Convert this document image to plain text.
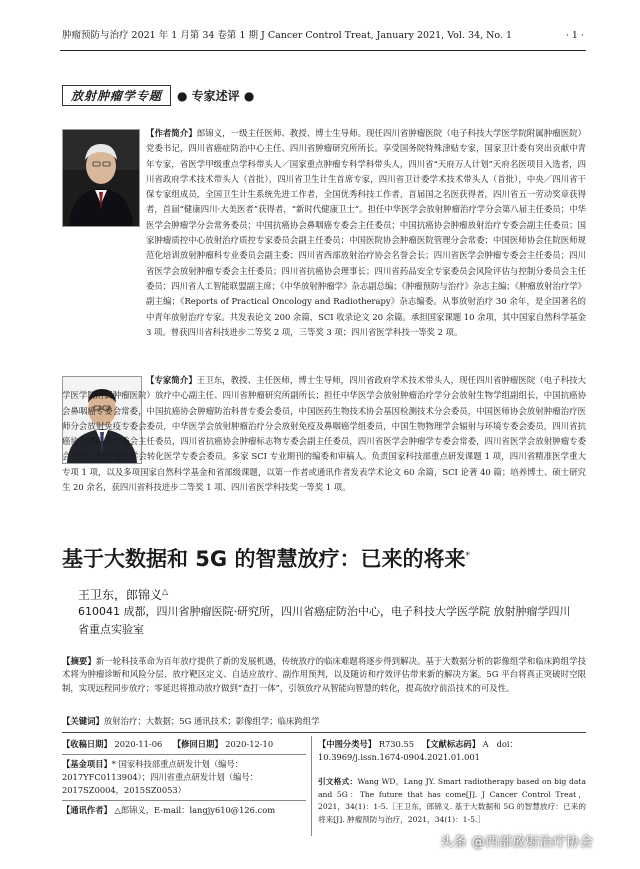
肿瘤预防与治疗 2021 年 1 月第 34 卷第 1 期 J Cancer Control Treat, January 2021, Vol. 34, No. 1	· 1 ·
放射肿瘤学专题	● 专家述评 ●

【作者简介】郎锦义，一级主任医师、教授、博士生导师。现任四川省肿瘤医院（电子科技大学医学院附属肿瘤医院）党委书记，四川省癌症防治中心主任、四川省肿瘤研究所所长。享受国务院特殊津贴专家，国家卫计委有突出贡献中青年专家，省医学甲级重点学科带头人／国家重点肿瘤专科学科带头人，四川省“天府万人计划”天府名医项目入选者，四川省政府学术技术带头人（首批），四川省卫生计生首席专家，四川省卫计委学术技术带头人（首批），中央／四川省干保专家组成员，全国卫生计生系统先进工作者，全国优秀科技工作者，首届国之名医获得者，四川省五一劳动奖章获得者，首届“健康四川·大美医者”获得者，“新时代健康卫士”。担任中华医学会放射肿瘤治疗学分会第八届主任委员；中华医学会肿瘤学分会常务委员；中国抗癌协会鼻咽癌专委会主任委员；中国抗癌协会肿瘤放射治疗专委会副主任委员；国家肿瘤质控中心放射治疗质控专家委员会副主任委员；中国医院协会肿瘤医院管理分会常委；中国医师协会住院医师规范化培训放射肿瘤科专业委员会副主委；四川省西部放射治疗协会名誉会长；四川省医学会肿瘤专委会主任委员；四川省医学会放射肿瘤专委会主任委员；四川省抗癌协会理事长；四川省药品安全专家委员会风险评估与控制分委员会主任委员；四川省人工智能联盟副主席；《中华放射肿瘤学》杂志副总编；《肿瘤预防与治疗》杂志主编；《肿瘤放射治疗学》副主编；《Reports of Practical Oncology and Radiotherapy》杂志编委。从事放射治疗 30 余年，是全国著名的中青年放射治疗专家。共发表论文 200 余篇，SCI 收录论文 20 余篇。承担国家课题 10 余项，其中国家自然科学基金 3 项。曾获四川省科技进步二等奖 2 项，三等奖 3 项；四川省医学科技一等奖 2 项。

【专家简介】王卫东，教授、主任医师，博士生导师，四川省政府学术技术带头人，现任四川省肿瘤医院（电子科技大学医学院附属肿瘤医院）放疗中心副主任、四川省肿瘤研究所副所长；担任中华医学会放射肿瘤治疗学分会放射生物学组副组长，中国抗癌协会鼻咽癌专委会常委，中国抗癌协会肿瘤防治科普专委会委员，中国医药生物技术协会基因检测技术分会委员，中国医师协会放射肿瘤治疗医师分会放射免疫专委会委员，中华医学会放射肿瘤治疗分会放射免疫及鼻咽癌学组委员，中国生物物理学会辐射与环境专委会委员，四川省抗癌协会鼻咽癌专委会主任委员，四川省抗癌协会肿瘤标志物专委会副主任委员，四川省医学会肿瘤学专委会常委，四川省医学会放射肿瘤专委会委员，四川省医学会转化医学专委会委员。多家 SCI 专业期刊的编委和审稿人。负责国家科技部重点研发课题 1 项，四川省精准医学重大专项 1 项，以及多项国家自然科学基金和省部级课题，以第一作者或通讯作者发表学术论文 60 余篇，SCI 论著 40 篇；培养博士、硕士研究生 20 余名，获四川省科技进步二等奖 1 项、四川省医学科技奖一等奖 1 项。

基于大数据和 5G 的智慧放疗：已来的将来*
王卫东，郎锦义△
610041 成都，四川省肿瘤医院·研究所，四川省癌症防治中心，电子科技大学医学院 放射肿瘤学四川省重点实验室

【摘要】新一轮科技革命为百年放疗提供了新的发展机遇，传统放疗的临床难题将逐步得到解决。基于大数据分析的影像组学和临床跨组学技术将为肿瘤诊断和风险分层、放疗靶区定义、自适应放疗、副作用预判，以及随访和疗效评估带来新的解决方案。5G 平台将真正突破时空限制，实现远程同步放疗；零延迟将推动放疗做到“查打一体”，引领放疗从智能向智慧的转化，提高放疗前沿技术的可及性。

【关键词】放射治疗；大数据；5G 通讯技术；影像组学；临床跨组学
【收稿日期】 2020-11-06 【修回日期】 2020-12-10
【基金项目】* 国家科技部重点研发计划（编号：2017YFC0113904）；四川省重点研发计划（编号：2017SZ0004，2015SZ0053）
【通讯作者】 △郎锦义，E-mail：langjy610@126.com
【中图分类号】 R730.55 【文献标志码】 A doi：10.3969/j.issn.1674-0904.2021.01.001
引文格式：Wang WD，Lang JY. Smart radiotherapy based on big data and 5G：The future that has come[J]. J Cancer Control Treat，2021，34(1)：1-5.［王卫东，郎锦义. 基于大数据和 5G 的智慧放疗：已来的将来[J]. 肿瘤预防与治疗，2021，34(1)：1-5.］
头条 @西部放射治疗协会
